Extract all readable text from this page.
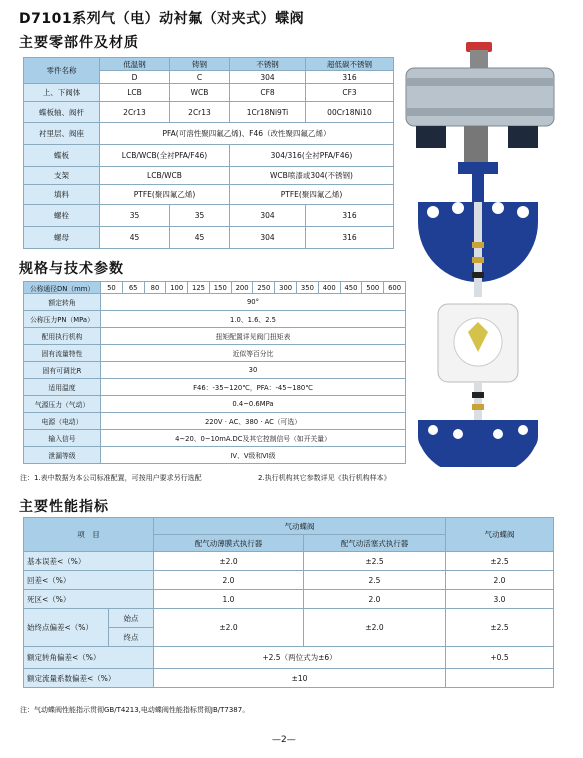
D7101系列气（电）动衬氟（对夹式）蝶阀
主要零部件及材质
零件名称	低温钢	铸钢	不锈钢	超低碳不锈钢
	D	C	304	316
上、下阀体	LCB	WCB	CF8	CF3
蝶板轴、阀杆	2Cr13	2Cr13	1Cr18Ni9Ti	00Cr18Ni10
衬里层、阀座	PFA(可溶性聚四氟乙烯)、F46（改性聚四氟乙烯）			
蝶板	LCB/WCB(全衬PFA/F46)		304/316(全衬PFA/F46)	
支架	LCB/WCB		WCB喷漆或304(不锈钢)	
填料	PTFE(聚四氟乙烯)		PTFE(聚四氟乙烯)	
螺栓	35	35	304	316
螺母	45	45	304	316
规格与技术参数
公称通径DN（mm）	50	65	80	100	125	150	200	250	300	350	400	450	500	600
额定转角	90°													
公称压力PN（MPa）	1.0、1.6、2.5													
配用执行机构	扭矩配置详见阀门扭矩表													
固有流量特性	近似等百分比													
固有可调比R	30													
适用温度	F46：-35~120℃，PFA：-45~180℃													
气源压力（气动）	0.4~0.6MPa													
电源（电动）	220V · AC、380 · AC（可选）													
输入信号	4~20、0~10mA.DC及其它控制信号（如开关量）													
泄漏等级	IV、V级和VI级													
注：1.表中数据为本公司标准配置，可按用户要求另行选配	2.执行机构其它参数详见《执行机构样本》
主要性能指标
项　目		气动蝶阀		气动蝶阀
		配气动薄膜式执行器	配气动活塞式执行器	
基本误差<（%）		±2.0	±2.5	±2.5
回差<（%）		2.0	2.5	2.0
死区<（%）		1.0	2.0	3.0
始终点偏差<（%）	始点	±2.0	±2.0	±2.5
	终点			
额定转角偏差<（%）		+2.5（两位式为±6）		+0.5
额定流量系数偏差<（%）		±10		
注：气动蝶阀性能指示贯彻GB/T4213,电动蝶阀性能指标贯彻JB/T7387。
—2—
